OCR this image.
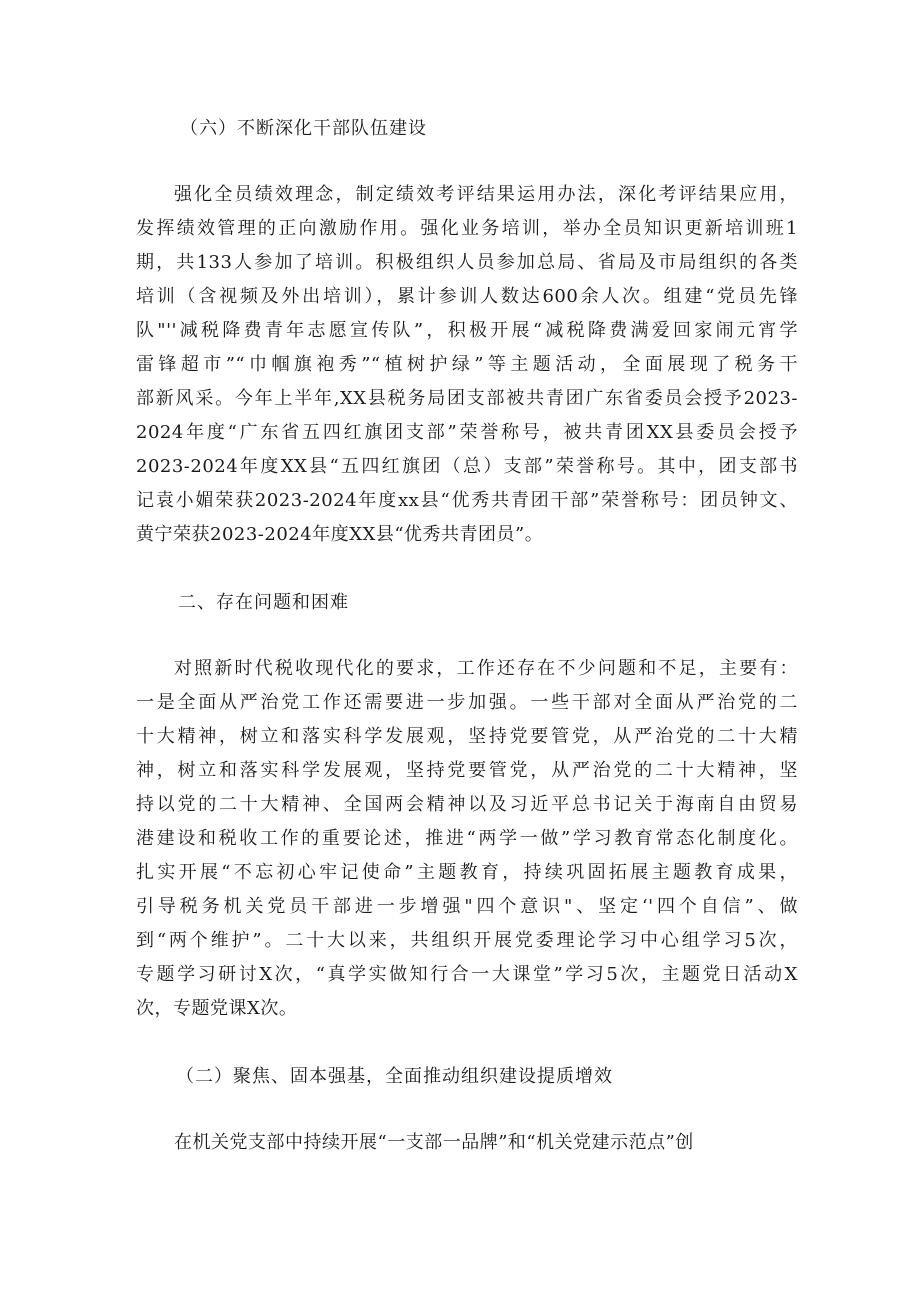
（六）不断深化干部队伍建设
强化全员绩效理念，制定绩效考评结果运用办法，深化考评结果应用，
发挥绩效管理的正向激励作用。强化业务培训，举办全员知识更新培训班1
期，共133人参加了培训。积极组织人员参加总局、省局及市局组织的各类
培训（含视频及外出培训），累计参训人数达600余人次。组建“党员先锋
队"''减税降费青年志愿宣传队”，积极开展“减税降费满爱回家闹元宵学
雷锋超市”“巾帼旗袍秀”“植树护绿”等主题活动，全面展现了税务干
部新风采。今年上半年,XX县税务局团支部被共青团广东省委员会授予2023-
2024年度“广东省五四红旗团支部”荣誉称号，被共青团XX县委员会授予
2023-2024年度XX县“五四红旗团（总）支部”荣誉称号。其中，团支部书
记袁小媚荣获2023-2024年度xx县“优秀共青团干部”荣誉称号：团员钟文、
黄宁荣获2023-2024年度XX县“优秀共青团员”。
二、存在问题和困难
对照新时代税收现代化的要求，工作还存在不少问题和不足，主要有：
一是全面从严治党工作还需要进一步加强。一些干部对全面从严治党的二
十大精神，树立和落实科学发展观，坚持党要管党，从严治党的二十大精
神，树立和落实科学发展观，坚持党要管党，从严治党的二十大精神，坚
持以党的二十大精神、全国两会精神以及习近平总书记关于海南自由贸易
港建设和税收工作的重要论述，推进“两学一做”学习教育常态化制度化。
扎实开展“不忘初心牢记使命”主题教育，持续巩固拓展主题教育成果，
引导税务机关党员干部进一步增强"四个意识"、坚定‘'四个自信”、做
到“两个维护”。二十大以来，共组织开展党委理论学习中心组学习5次，
专题学习研讨X次，“真学实做知行合一大课堂”学习5次，主题党日活动X
次，专题党课X次。
（二）聚焦、固本强基，全面推动组织建设提质增效
在机关党支部中持续开展“一支部一品牌”和“机关党建示范点”创
